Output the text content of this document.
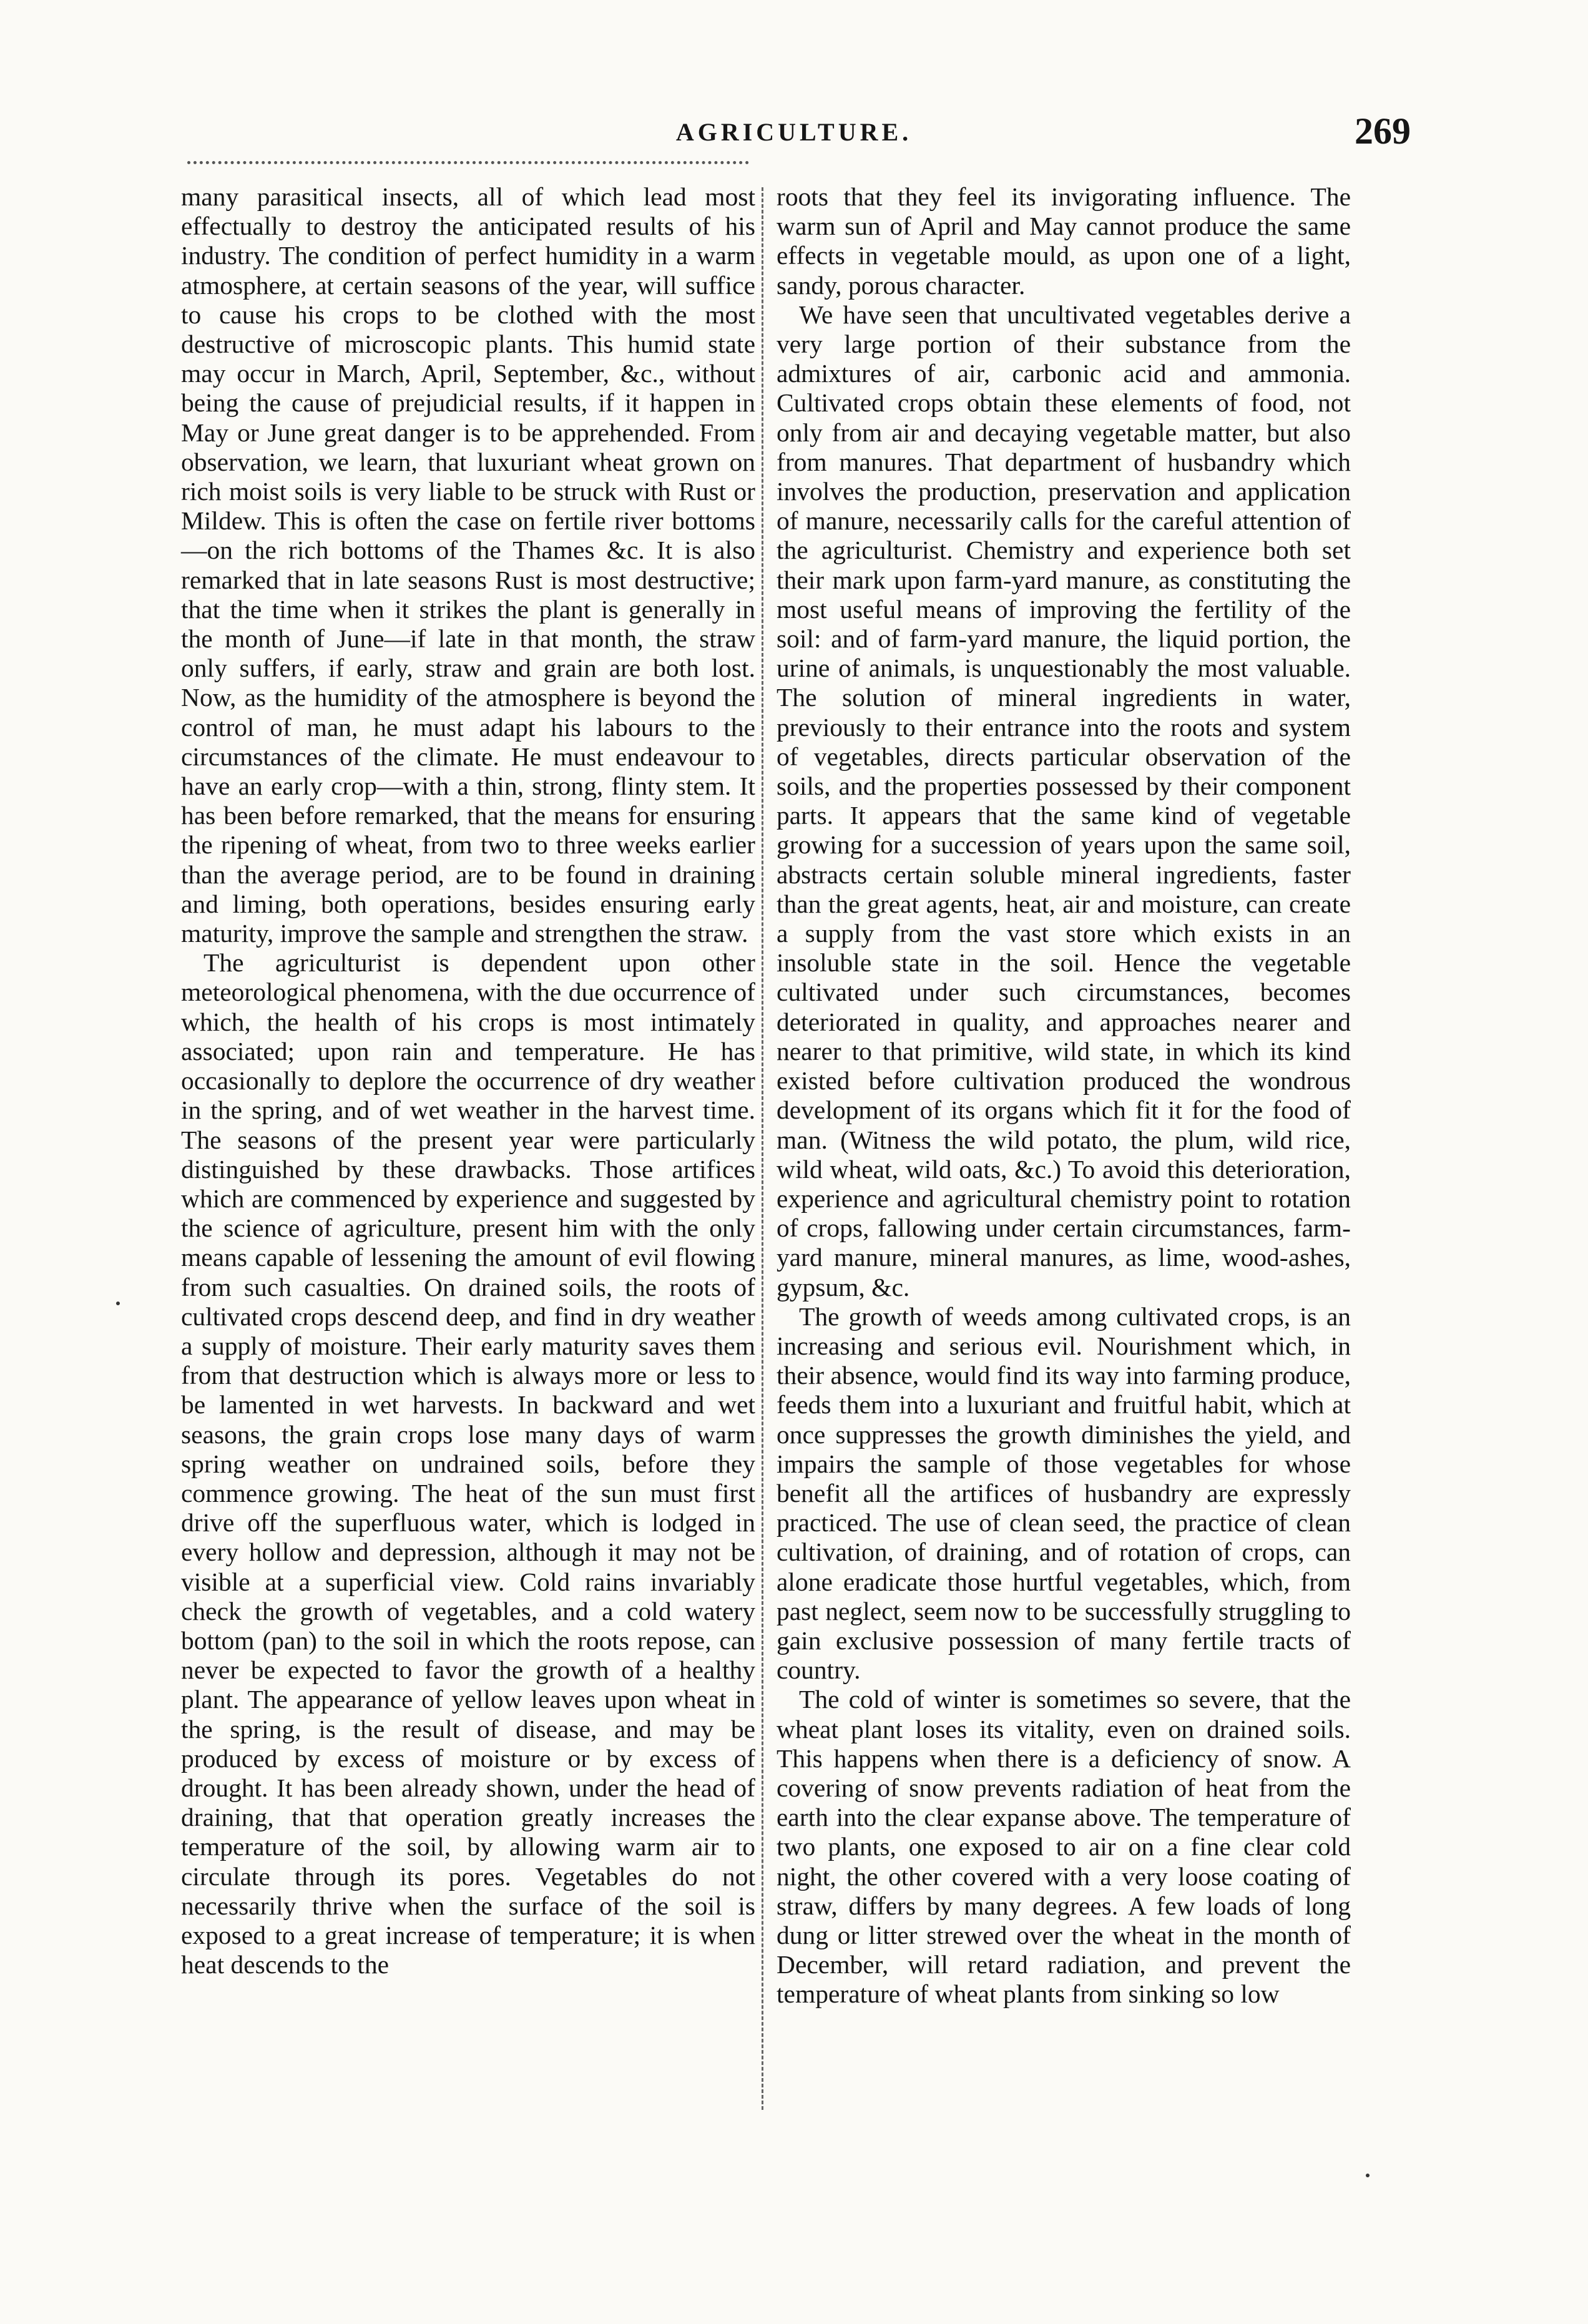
AGRICULTURE.	269

many parasitical insects, all of which lead most effectually to destroy the anticipated results of his industry. The condition of perfect humidity in a warm atmosphere, at certain seasons of the year, will suffice to cause his crops to be clothed with the most destructive of microscopic plants. This humid state may occur in March, April, September, &c., without being the cause of prejudicial results, if it happen in May or June great danger is to be apprehended. From observation, we learn, that luxuriant wheat grown on rich moist soils is very liable to be struck with Rust or Mildew. This is often the case on fertile river bottoms—on the rich bottoms of the Thames &c. It is also remarked that in late seasons Rust is most destructive; that the time when it strikes the plant is generally in the month of June—if late in that month, the straw only suffers, if early, straw and grain are both lost. Now, as the humidity of the atmosphere is beyond the control of man, he must adapt his labours to the circumstances of the climate. He must endeavour to have an early crop—with a thin, strong, flinty stem. It has been before remarked, that the means for ensuring the ripening of wheat, from two to three weeks earlier than the average period, are to be found in draining and liming, both operations, besides ensuring early maturity, improve the sample and strengthen the straw.

The agriculturist is dependent upon other meteorological phenomena, with the due occurrence of which, the health of his crops is most intimately associated; upon rain and temperature. He has occasionally to deplore the occurrence of dry weather in the spring, and of wet weather in the harvest time. The seasons of the present year were particularly distinguished by these drawbacks. Those artifices which are commenced by experience and suggested by the science of agriculture, present him with the only means capable of lessening the amount of evil flowing from such casualties. On drained soils, the roots of cultivated crops descend deep, and find in dry weather a supply of moisture. Their early maturity saves them from that destruction which is always more or less to be lamented in wet harvests. In backward and wet seasons, the grain crops lose many days of warm spring weather on undrained soils, before they commence growing. The heat of the sun must first drive off the superfluous water, which is lodged in every hollow and depression, although it may not be visible at a superficial view. Cold rains invariably check the growth of vegetables, and a cold watery bottom (pan) to the soil in which the roots repose, can never be expected to favor the growth of a healthy plant. The appearance of yellow leaves upon wheat in the spring, is the result of disease, and may be produced by excess of moisture or by excess of drought. It has been already shown, under the head of draining, that that operation greatly increases the temperature of the soil, by allowing warm air to circulate through its pores. Vegetables do not necessarily thrive when the surface of the soil is exposed to a great increase of temperature; it is when heat descends to the

roots that they feel its invigorating influence. The warm sun of April and May cannot produce the same effects in vegetable mould, as upon one of a light, sandy, porous character.

We have seen that uncultivated vegetables derive a very large portion of their substance from the admixtures of air, carbonic acid and ammonia. Cultivated crops obtain these elements of food, not only from air and decaying vegetable matter, but also from manures. That department of husbandry which involves the production, preservation and application of manure, necessarily calls for the careful attention of the agriculturist. Chemistry and experience both set their mark upon farm-yard manure, as constituting the most useful means of improving the fertility of the soil: and of farm-yard manure, the liquid portion, the urine of animals, is unquestionably the most valuable. The solution of mineral ingredients in water, previously to their entrance into the roots and system of vegetables, directs particular observation of the soils, and the properties possessed by their component parts. It appears that the same kind of vegetable growing for a succession of years upon the same soil, abstracts certain soluble mineral ingredients, faster than the great agents, heat, air and moisture, can create a supply from the vast store which exists in an insoluble state in the soil. Hence the vegetable cultivated under such circumstances, becomes deteriorated in quality, and approaches nearer and nearer to that primitive, wild state, in which its kind existed before cultivation produced the wondrous development of its organs which fit it for the food of man. (Witness the wild potato, the plum, wild rice, wild wheat, wild oats, &c.) To avoid this deterioration, experience and agricultural chemistry point to rotation of crops, fallowing under certain circumstances, farm-yard manure, mineral manures, as lime, wood-ashes, gypsum, &c.

The growth of weeds among cultivated crops, is an increasing and serious evil. Nourishment which, in their absence, would find its way into farming produce, feeds them into a luxuriant and fruitful habit, which at once suppresses the growth diminishes the yield, and impairs the sample of those vegetables for whose benefit all the artifices of husbandry are expressly practiced. The use of clean seed, the practice of clean cultivation, of draining, and of rotation of crops, can alone eradicate those hurtful vegetables, which, from past neglect, seem now to be successfully struggling to gain exclusive possession of many fertile tracts of country.

The cold of winter is sometimes so severe, that the wheat plant loses its vitality, even on drained soils. This happens when there is a deficiency of snow. A covering of snow prevents radiation of heat from the earth into the clear expanse above. The temperature of two plants, one exposed to air on a fine clear cold night, the other covered with a very loose coating of straw, differs by many degrees. A few loads of long dung or litter strewed over the wheat in the month of December, will retard radiation, and prevent the temperature of wheat plants from sinking so low
